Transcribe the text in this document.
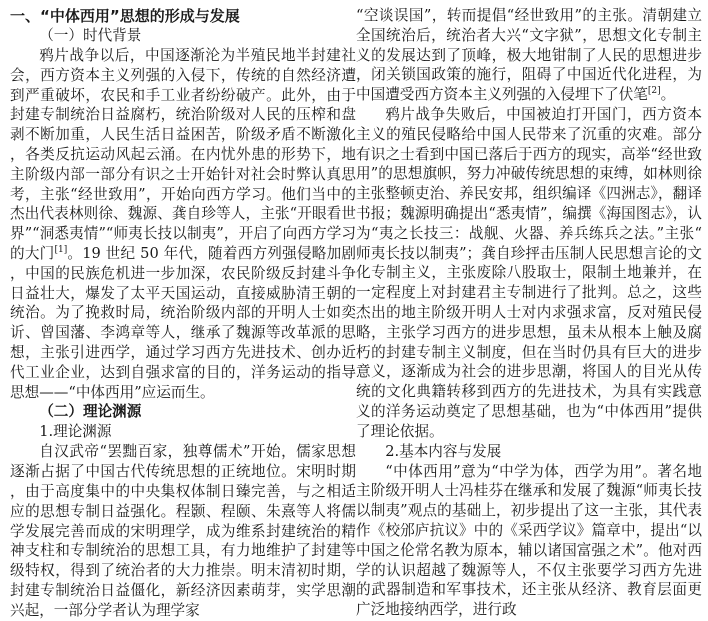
一、“中体西用”思想的形成与发展

（一）时代背景

鸦片战争以后，中国逐渐沦为半殖民地半封建社会，西方资本主义列强的入侵下，传统的自然经济遭到严重破坏，农民和手工业者纷纷破产。此外，由于封建专制统治日益腐朽，统治阶级对人民的压榨和盘剥不断加重，人民生活日益困苦，阶级矛盾不断激化，各类反抗运动风起云涌。在内忧外患的形势下，地主阶级内部一部分有识之士开始针对社会时弊认真思考，主张“经世致用”，开始向西方学习。他们当中的杰出代表林则徐、魏源、龚自珍等人，主张“开眼看世界”“洞悉夷情”“师夷长技以制夷”，开启了向西方学习的大门[1]。19 世纪 50 年代，随着西方列强侵略加剧，中国的民族危机进一步加深，农民阶级反封建斗争日益壮大，爆发了太平天国运动，直接威胁清王朝的统治。为了挽救时局，统治阶级内部的开明人士如奕䜣、曾国藩、李鸿章等人，继承了魏源等改革派的思想，主张引进西学，通过学习西方先进技术、创办近代工业企业，达到自强求富的目的，洋务运动的指导思想——“中体西用”应运而生。

（二）理论渊源

1.理论渊源

自汉武帝“罢黜百家，独尊儒术”开始，儒家思想逐渐占据了中国古代传统思想的正统地位。宋明时期，由于高度集中的中央集权体制日臻完善，与之相适应的思想专制日益强化。程颢、程颐、朱熹等人将儒学发展完善而成的宋明理学，成为维系封建统治的精神支柱和专制统治的思想工具，有力地维护了封建等级特权，得到了统治者的大力推崇。明末清初时期，封建专制统治日益僵化，新经济因素萌芽，实学思潮兴起，一部分学者认为理学家

“空谈误国”，转而提倡“经世致用”的主张。清朝建立全国统治后，统治者大兴“文字狱”，思想文化专制主义的发展达到了顶峰，极大地钳制了人民的思想进步，闭关锁国政策的施行，阻碍了中国近代化进程，为中国遭受西方资本主义列强的入侵埋下了伏笔[2]。

鸦片战争失败后，中国被迫打开国门，西方资本主义的殖民侵略给中国人民带来了沉重的灾难。部分有识之士看到中国已落后于西方的现实，高举“经世致用”的思想旗帜，努力冲破传统思想的束缚，如林则徐主张整顿吏治、养民安邦，组织编译《四洲志》，翻译书报；魏源明确提出“悉夷情”，编撰《海国图志》，认为“夷之长技三：战舰、火器、养兵练兵之法。”主张“师夷长技以制夷”；龚自珍抨击压制人民思想言论的文化专制主义，主张废除八股取士，限制土地兼并，在一定程度上对封建君主专制进行了批判。总之，这些杰出的地主阶级开明人士对内求强求富，反对殖民侵略，主张学习西方的进步思想，虽未从根本上触及腐朽的封建专制主义制度，但在当时仍具有巨大的进步意义，逐渐成为社会的进步思潮，将国人的目光从传统的文化典籍转移到西方的先进技术，为具有实践意义的洋务运动奠定了思想基础，也为“中体西用”提供了理论依据。

2.基本内容与发展

“中体西用”意为“中学为体，西学为用”。著名地主阶级开明人士冯桂芬在继承和发展了魏源“师夷长技以制夷”观点的基础上，初步提出了这一主张，其代表作《校邠庐抗议》中的《采西学议》篇章中，提出“以中国之伦常名教为原本，辅以诸国富强之术”。他对西学的认识超越了魏源等人，不仅主张要学习西方先进的武器制造和军事技术，还主张从经济、教育层面更广泛地接纳西学，进行政
